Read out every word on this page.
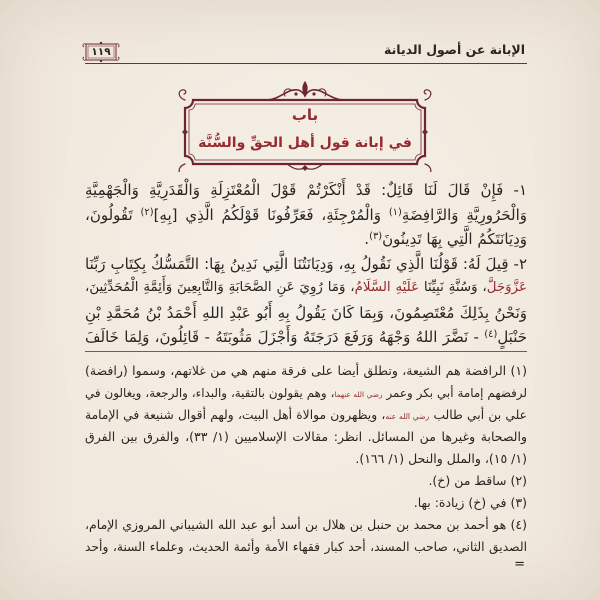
الإبانة عن أصول الديانة
١١٩
باب
في إبانة قول أهل الحقِّ والسُّنَّة
١- فَإِنْ قَالَ لَنَا قَائِلٌ: قَدْ أَنْكَرْتُمْ قَوْلَ الْمُعْتَزِلَةِ وَالْقَدَرِيَّةِ وَالْجَهْمِيَّةِ
وَالْحَرُورِيَّةِ وَالرَّافِضَةِ$^{(١)}$ وَالْمُرْجِئَةِ، فَعَرِّفُونَا قَوْلَكُمُ الَّذِي [بِهِ]$^{(٢)}$ تَقُولُونَ،
وَدِيَانَتَكُمُ الَّتِي بِهَا تَدِينُونَ$^{(٣)}$.
٢- قِيلَ لَهُ: قَوْلُنَا الَّذِي نَقُولُ بِهِ، وَدِيَانَتُنَا الَّتِي نَدِينُ بِهَا: التَّمَسُّكُ بِكِتَابِ رَبِّنَا
عَزَّوَجَلَّ، وَسُنَّةِ نَبِيِّنَا عَلَيْهِ السَّلَامُ، وَمَا رُوِيَ عَنِ الصَّحَابَةِ وَالتَّابِعِينَ وَأَئِمَّةِ الْمُحَدِّثِينَ،
وَنَحْنُ بِذَلِكَ مُعْتَصِمُونَ، وَبِمَا كَانَ يَقُولُ بِهِ أَبُو عَبْدِ اللهِ أَحْمَدُ بْنُ مُحَمَّدِ بْنِ
حَنْبَلٍ$^{(٤)}$ - نَضَّرَ اللهُ وَجْهَهُ وَرَفَعَ دَرَجَتَهُ وَأَجْزَلَ مَثُوبَتَهُ - قَائِلُونَ، وَلِمَا خَالَفَ
(١) الرافضة هم الشيعة، وتطلق أيضا على فرقة منهم هي من غلاتهم، وسموا (رافضة)
لرفضهم إمامة أبي بكر وعمر رضي الله عنهما، وهم يقولون بالتقية، والبداء، والرجعة، ويغالون في
علي بن أبي طالب رضي الله عنه، ويظهرون موالاة أهل البيت، ولهم أقوال شنيعة في الإمامة
والصحابة وغيرها من المسائل. انظر: مقالات الإسلاميين (١/ ٣٣)، والفرق بين الفرق
(١/ ١٥)، والملل والنحل (١/ ١٦٦).
(٢) ساقط من (خ).
(٣) في (خ) زيادة: بها.
(٤) هو أحمد بن محمد بن حنبل بن هلال بن أسد أبو عبد الله الشيباني المروزي الإمام،
الصديق الثاني، صاحب المسند، أحد كبار فقهاء الأمة وأئمة الحديث، وعلماء السنة، وأحد
=
